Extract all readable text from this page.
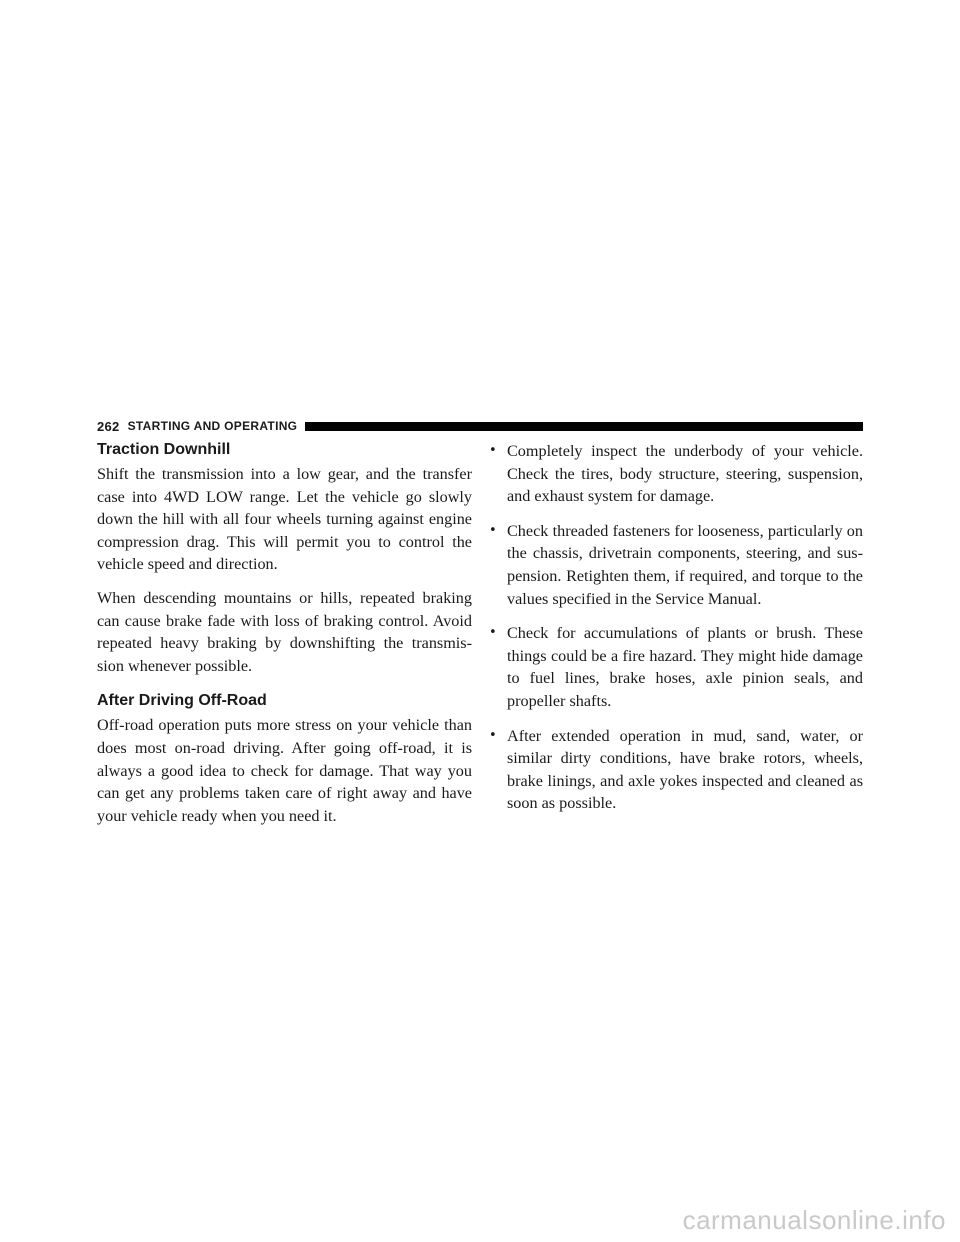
262 STARTING AND OPERATING
Traction Downhill

Shift the transmission into a low gear, and the transfer case into 4WD LOW range. Let the vehicle go slowly down the hill with all four wheels turning against engine compression drag. This will permit you to control the vehicle speed and direction.

When descending mountains or hills, repeated braking can cause brake fade with loss of braking control. Avoid repeated heavy braking by downshifting the transmis-sion whenever possible.

After Driving Off-Road

Off-road operation puts more stress on your vehicle than does most on-road driving. After going off-road, it is always a good idea to check for damage. That way you can get any problems taken care of right away and have your vehicle ready when you need it.

• Completely inspect the underbody of your vehicle. Check the tires, body structure, steering, suspension, and exhaust system for damage.
• Check threaded fasteners for looseness, particularly on the chassis, drivetrain components, steering, and sus-pension. Retighten them, if required, and torque to the values specified in the Service Manual.
• Check for accumulations of plants or brush. These things could be a fire hazard. They might hide damage to fuel lines, brake hoses, axle pinion seals, and propeller shafts.
• After extended operation in mud, sand, water, or similar dirty conditions, have brake rotors, wheels, brake linings, and axle yokes inspected and cleaned as soon as possible.
carmanualsonline.info
